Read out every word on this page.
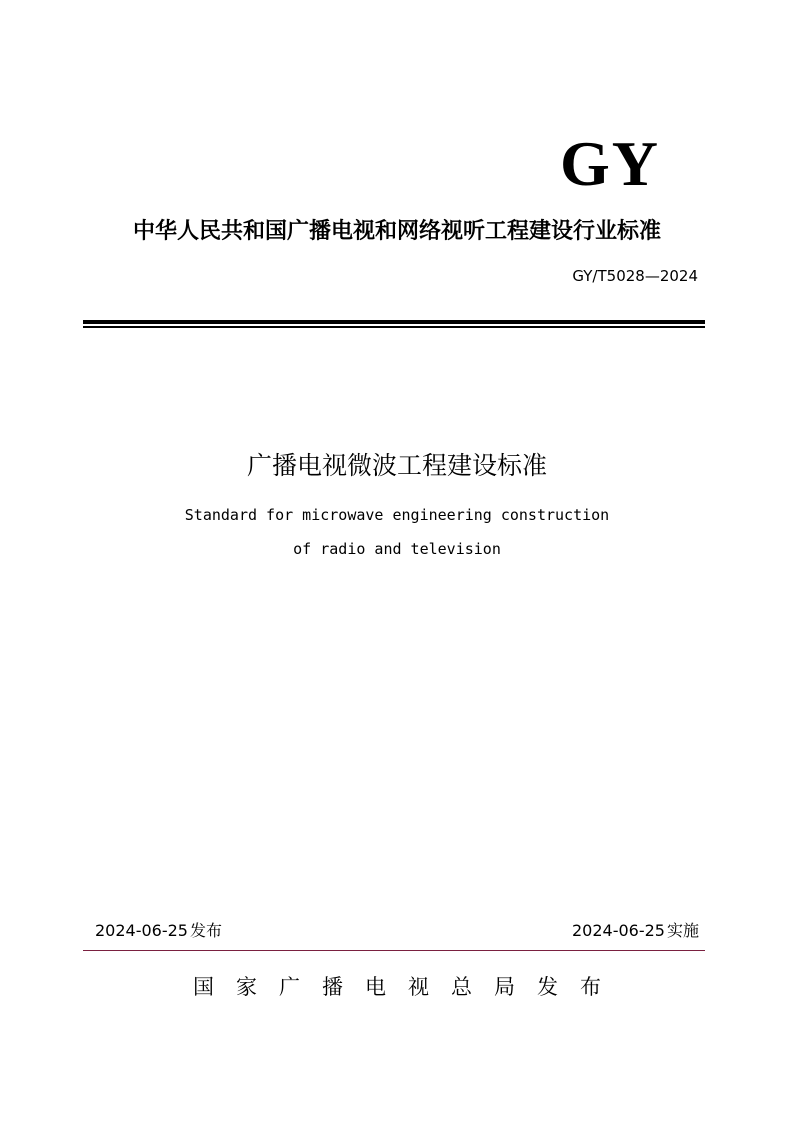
GY
中华人民共和国广播电视和网络视听工程建设行业标准
GY/T5028—2024
广播电视微波工程建设标准
Standard for microwave engineering construction
of radio and television
2024-06-25 发布	2024-06-25 实施
国家广播电视总局发布
